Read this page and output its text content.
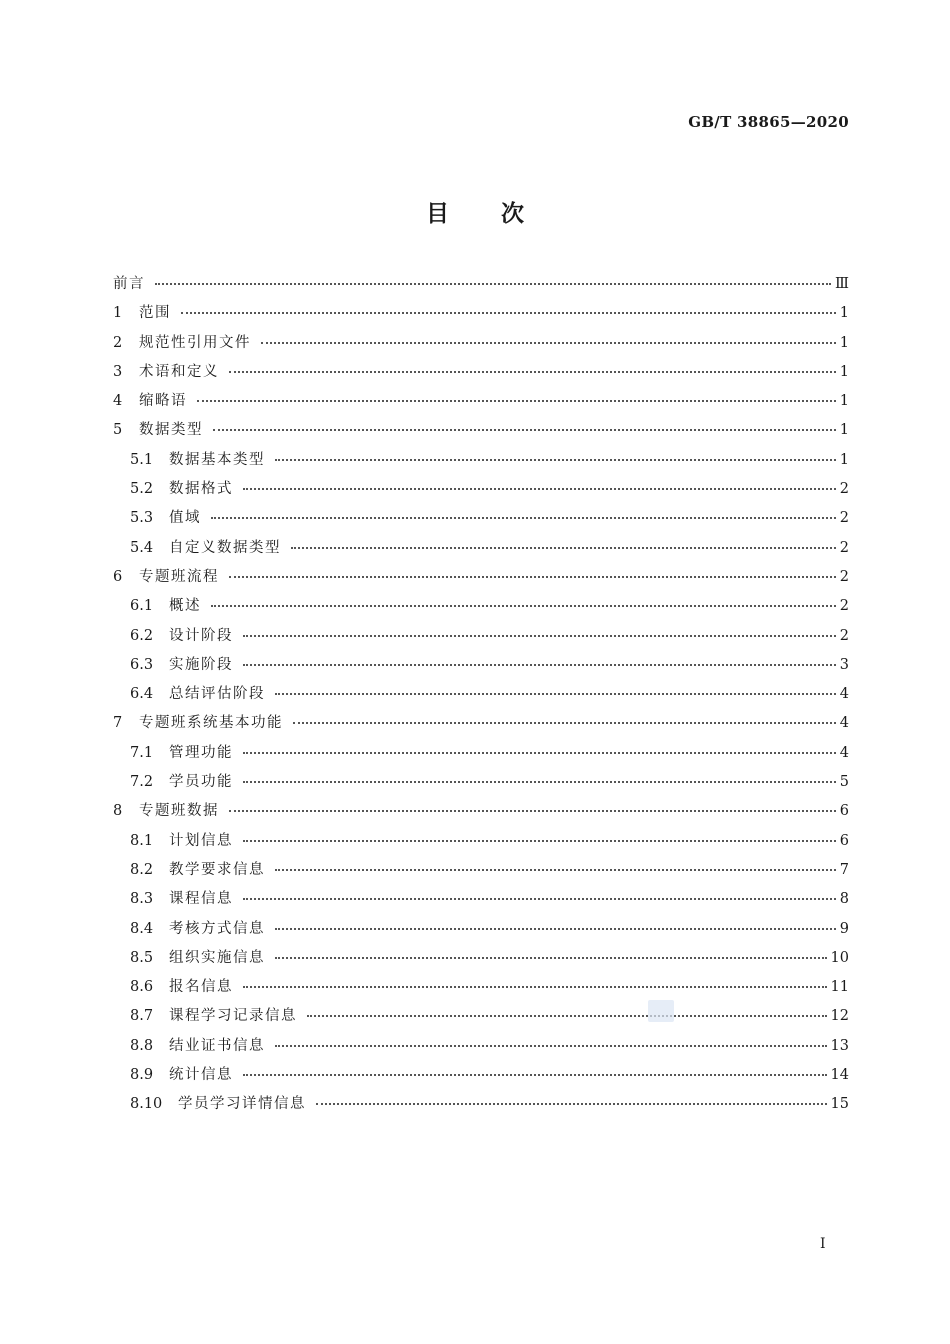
GB/T 38865—2020
目 次
前言	Ⅲ
1	范围	1
2	规范性引用文件	1
3	术语和定义	1
4	缩略语	1
5	数据类型	1
5.1	数据基本类型	1
5.2	数据格式	2
5.3	值域	2
5.4	自定义数据类型	2
6	专题班流程	2
6.1	概述	2
6.2	设计阶段	2
6.3	实施阶段	3
6.4	总结评估阶段	4
7	专题班系统基本功能	4
7.1	管理功能	4
7.2	学员功能	5
8	专题班数据	6
8.1	计划信息	6
8.2	教学要求信息	7
8.3	课程信息	8
8.4	考核方式信息	9
8.5	组织实施信息	10
8.6	报名信息	11
8.7	课程学习记录信息	12
8.8	结业证书信息	13
8.9	统计信息	14
8.10	学员学习详情信息	15
Ⅰ
